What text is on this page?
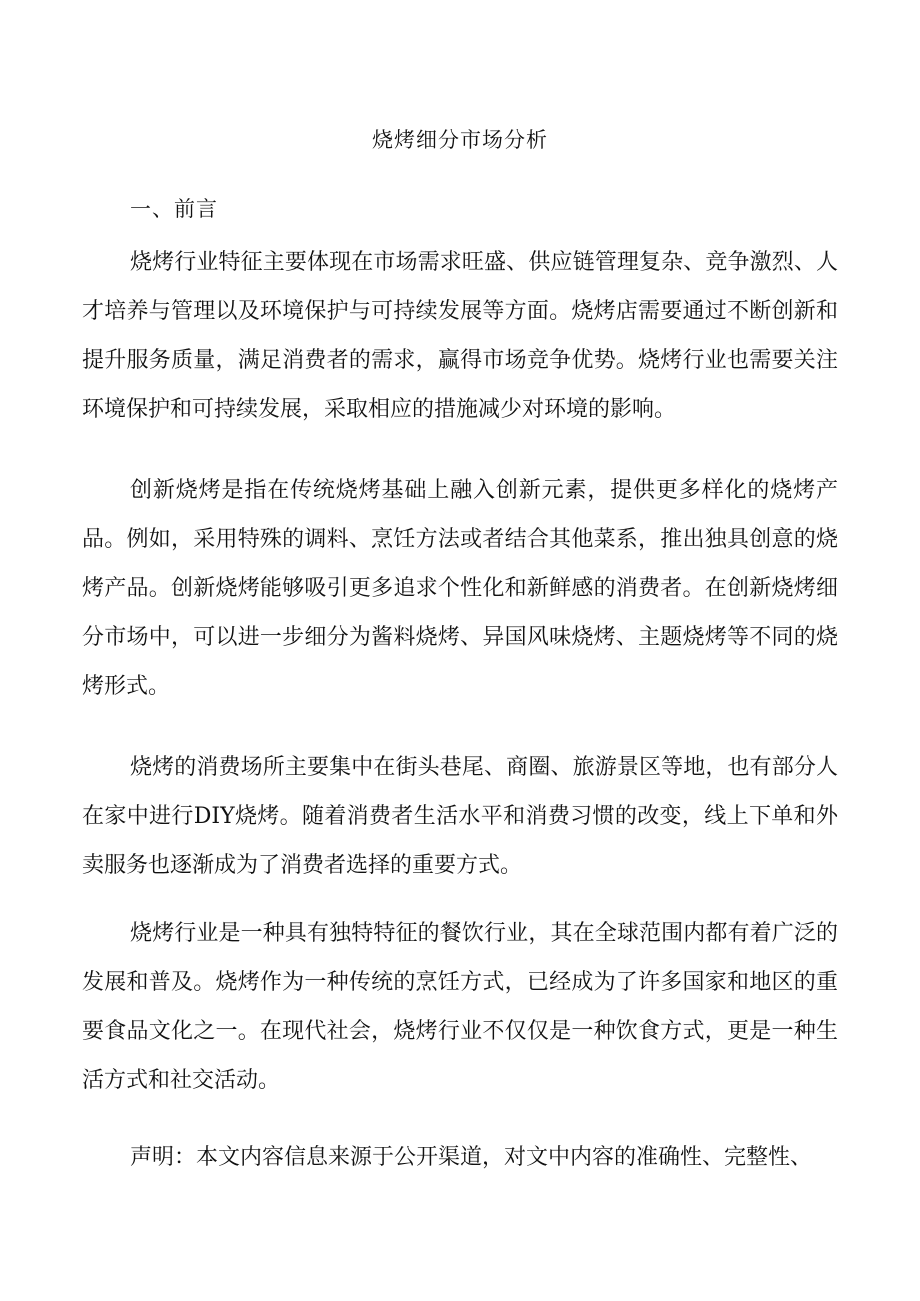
烧烤细分市场分析
一、前言

烧烤行业特征主要体现在市场需求旺盛、供应链管理复杂、竞争激烈、人才培养与管理以及环境保护与可持续发展等方面。烧烤店需要通过不断创新和提升服务质量，满足消费者的需求，赢得市场竞争优势。烧烤行业也需要关注环境保护和可持续发展，采取相应的措施减少对环境的影响。

创新烧烤是指在传统烧烤基础上融入创新元素，提供更多样化的烧烤产品。例如，采用特殊的调料、烹饪方法或者结合其他菜系，推出独具创意的烧烤产品。创新烧烤能够吸引更多追求个性化和新鲜感的消费者。在创新烧烤细分市场中，可以进一步细分为酱料烧烤、异国风味烧烤、主题烧烤等不同的烧烤形式。

烧烤的消费场所主要集中在街头巷尾、商圈、旅游景区等地，也有部分人在家中进行DIY烧烤。随着消费者生活水平和消费习惯的改变，线上下单和外卖服务也逐渐成为了消费者选择的重要方式。

烧烤行业是一种具有独特特征的餐饮行业，其在全球范围内都有着广泛的发展和普及。烧烤作为一种传统的烹饪方式，已经成为了许多国家和地区的重要食品文化之一。在现代社会，烧烤行业不仅仅是一种饮食方式，更是一种生活方式和社交活动。

声明：本文内容信息来源于公开渠道，对文中内容的准确性、完整性、
